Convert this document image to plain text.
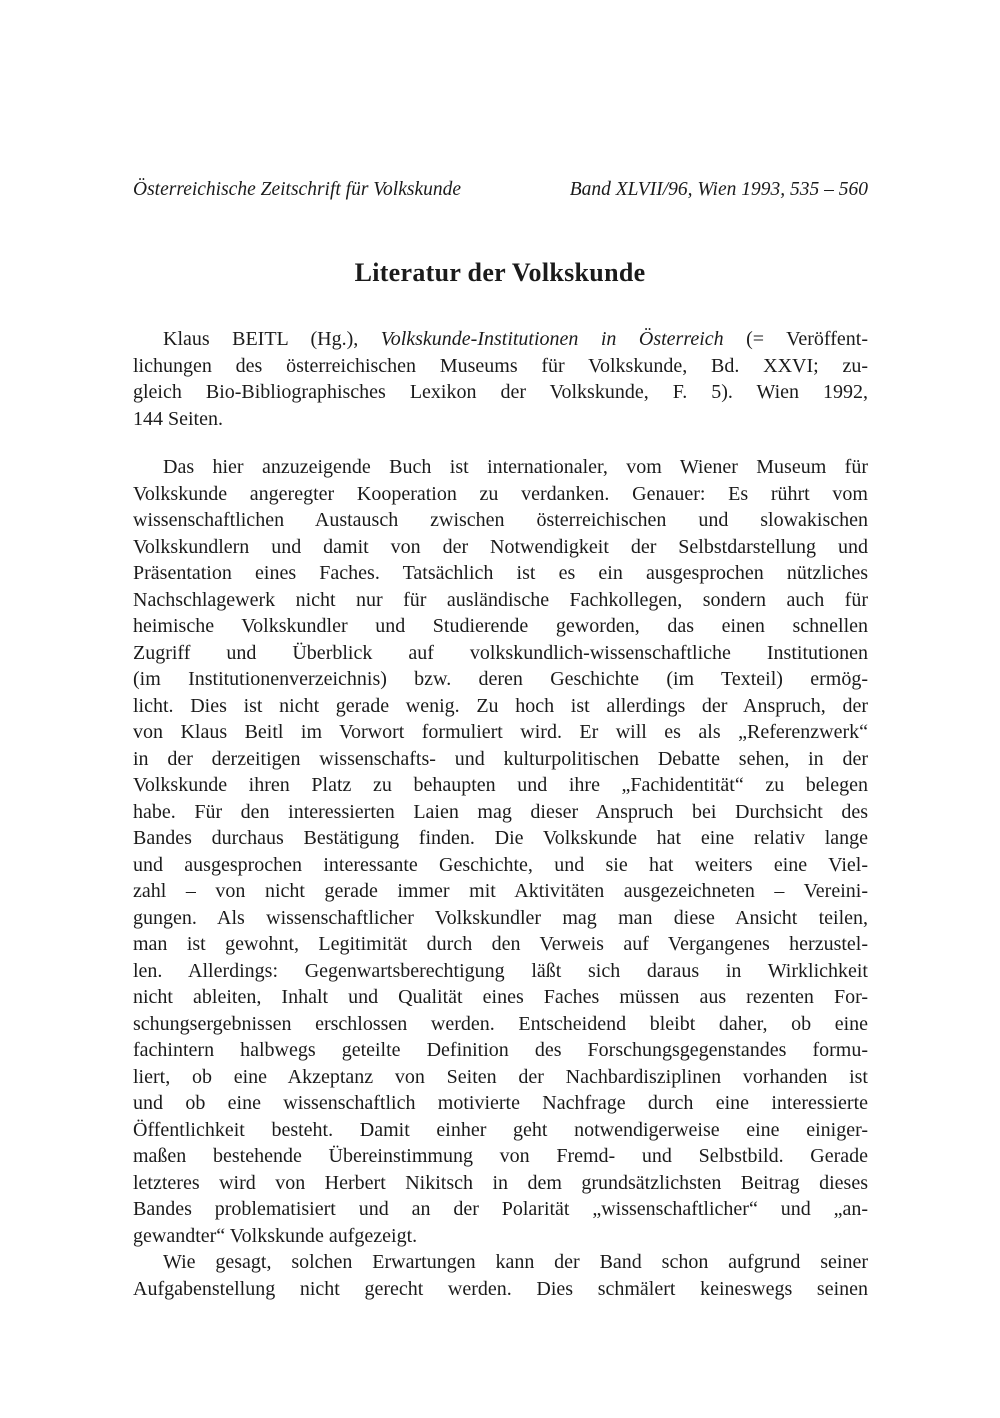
Österreichische Zeitschrift für Volkskunde	Band XLVII/96, Wien 1993, 535 – 560
Literatur der Volkskunde
Klaus BEITL (Hg.), Volkskunde-Institutionen in Österreich (= Veröffent-
lichungen des österreichischen Museums für Volkskunde, Bd. XXVI; zu-
gleich Bio-Bibliographisches Lexikon der Volkskunde, F. 5). Wien 1992,
144 Seiten.
Das hier anzuzeigende Buch ist internationaler, vom Wiener Museum für
Volkskunde angeregter Kooperation zu verdanken. Genauer: Es rührt vom
wissenschaftlichen Austausch zwischen österreichischen und slowakischen
Volkskundlern und damit von der Notwendigkeit der Selbstdarstellung und
Präsentation eines Faches. Tatsächlich ist es ein ausgesprochen nützliches
Nachschlagewerk nicht nur für ausländische Fachkollegen, sondern auch für
heimische Volkskundler und Studierende geworden, das einen schnellen
Zugriff und Überblick auf volkskundlich-wissenschaftliche Institutionen
(im Institutionenverzeichnis) bzw. deren Geschichte (im Texteil) ermög-
licht. Dies ist nicht gerade wenig. Zu hoch ist allerdings der Anspruch, der
von Klaus Beitl im Vorwort formuliert wird. Er will es als „Referenzwerk“
in der derzeitigen wissenschafts- und kulturpolitischen Debatte sehen, in der
Volkskunde ihren Platz zu behaupten und ihre „Fachidentität“ zu belegen
habe. Für den interessierten Laien mag dieser Anspruch bei Durchsicht des
Bandes durchaus Bestätigung finden. Die Volkskunde hat eine relativ lange
und ausgesprochen interessante Geschichte, und sie hat weiters eine Viel-
zahl – von nicht gerade immer mit Aktivitäten ausgezeichneten – Vereini-
gungen. Als wissenschaftlicher Volkskundler mag man diese Ansicht teilen,
man ist gewohnt, Legitimität durch den Verweis auf Vergangenes herzustel-
len. Allerdings: Gegenwartsberechtigung läßt sich daraus in Wirklichkeit
nicht ableiten, Inhalt und Qualität eines Faches müssen aus rezenten For-
schungsergebnissen erschlossen werden. Entscheidend bleibt daher, ob eine
fachintern halbwegs geteilte Definition des Forschungsgegenstandes formu-
liert, ob eine Akzeptanz von Seiten der Nachbardisziplinen vorhanden ist
und ob eine wissenschaftlich motivierte Nachfrage durch eine interessierte
Öffentlichkeit besteht. Damit einher geht notwendigerweise eine einiger-
maßen bestehende Übereinstimmung von Fremd- und Selbstbild. Gerade
letzteres wird von Herbert Nikitsch in dem grundsätzlichsten Beitrag dieses
Bandes problematisiert und an der Polarität „wissenschaftlicher“ und „an-
gewandter“ Volkskunde aufgezeigt.
Wie gesagt, solchen Erwartungen kann der Band schon aufgrund seiner
Aufgabenstellung nicht gerecht werden. Dies schmälert keineswegs seinen
